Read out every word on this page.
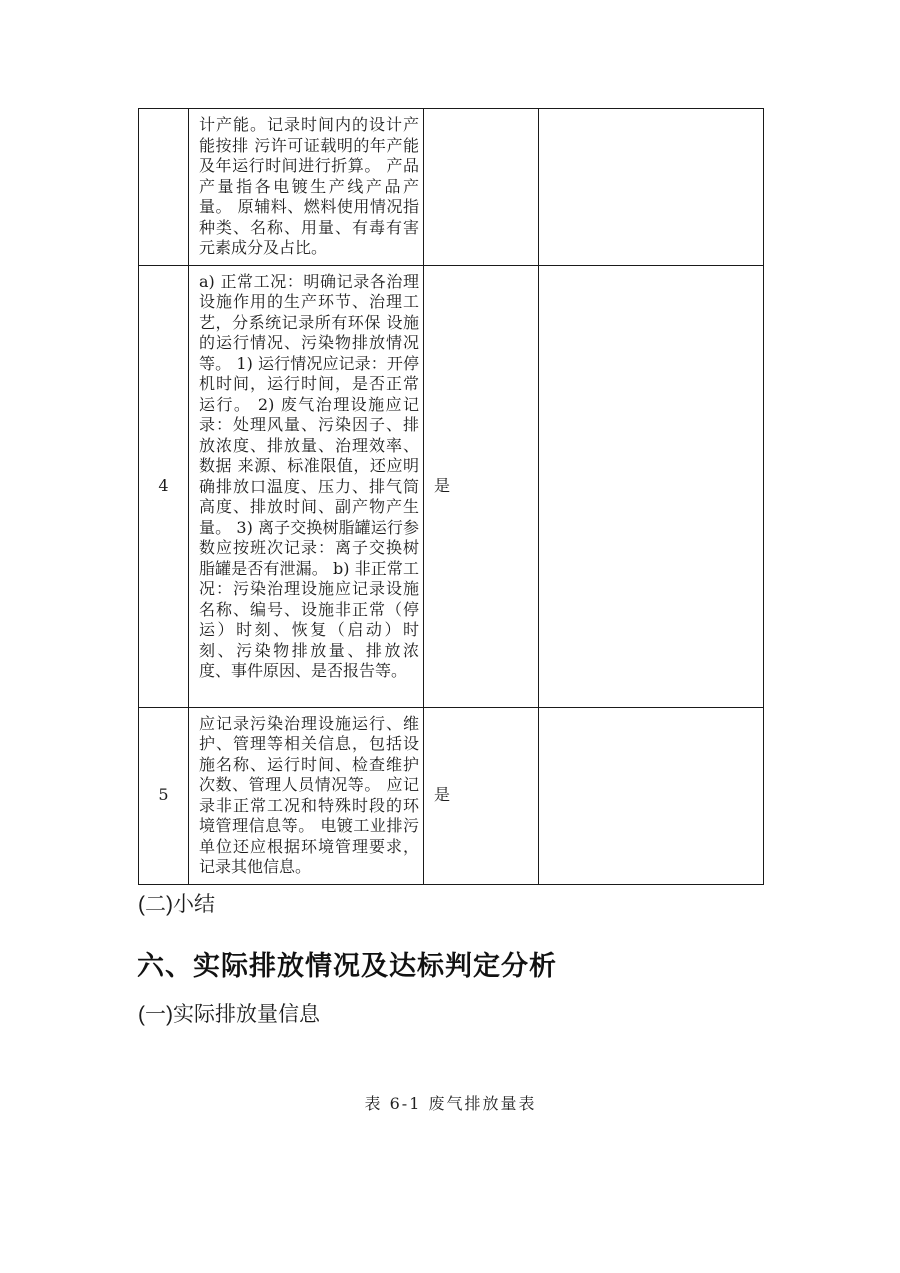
	计产能。记录时间内的设计产能按排 污许可证载明的年产能及年运行时间进行折算。 产品产量指各电镀生产线产品产量。 原辅料、燃料使用情况指种类、名称、用量、有毒有害元素成分及占比。		
4	a) 正常工况：明确记录各治理设施作用的生产环节、治理工艺，分系统记录所有环保 设施的运行情况、污染物排放情况等。 1) 运行情况应记录：开停机时间，运行时间，是否正常运行。 2) 废气治理设施应记录：处理风量、污染因子、排放浓度、排放量、治理效率、数据 来源、标准限值，还应明确排放口温度、压力、排气筒高度、排放时间、副产物产生量。 3) 离子交换树脂罐运行参数应按班次记录：离子交换树脂罐是否有泄漏。 b) 非正常工况：污染治理设施应记录设施名称、编号、设施非正常（停运）时刻、恢复（启动）时刻、污染物排放量、排放浓度、事件原因、是否报告等。	是	
5	应记录污染治理设施运行、维护、管理等相关信息，包括设施名称、运行时间、检查维护次数、管理人员情况等。 应记录非正常工况和特殊时段的环境管理信息等。 电镀工业排污单位还应根据环境管理要求，记录其他信息。	是	
(二)小结
六、实际排放情况及达标判定分析
(一)实际排放量信息
表 6-1 废气排放量表
